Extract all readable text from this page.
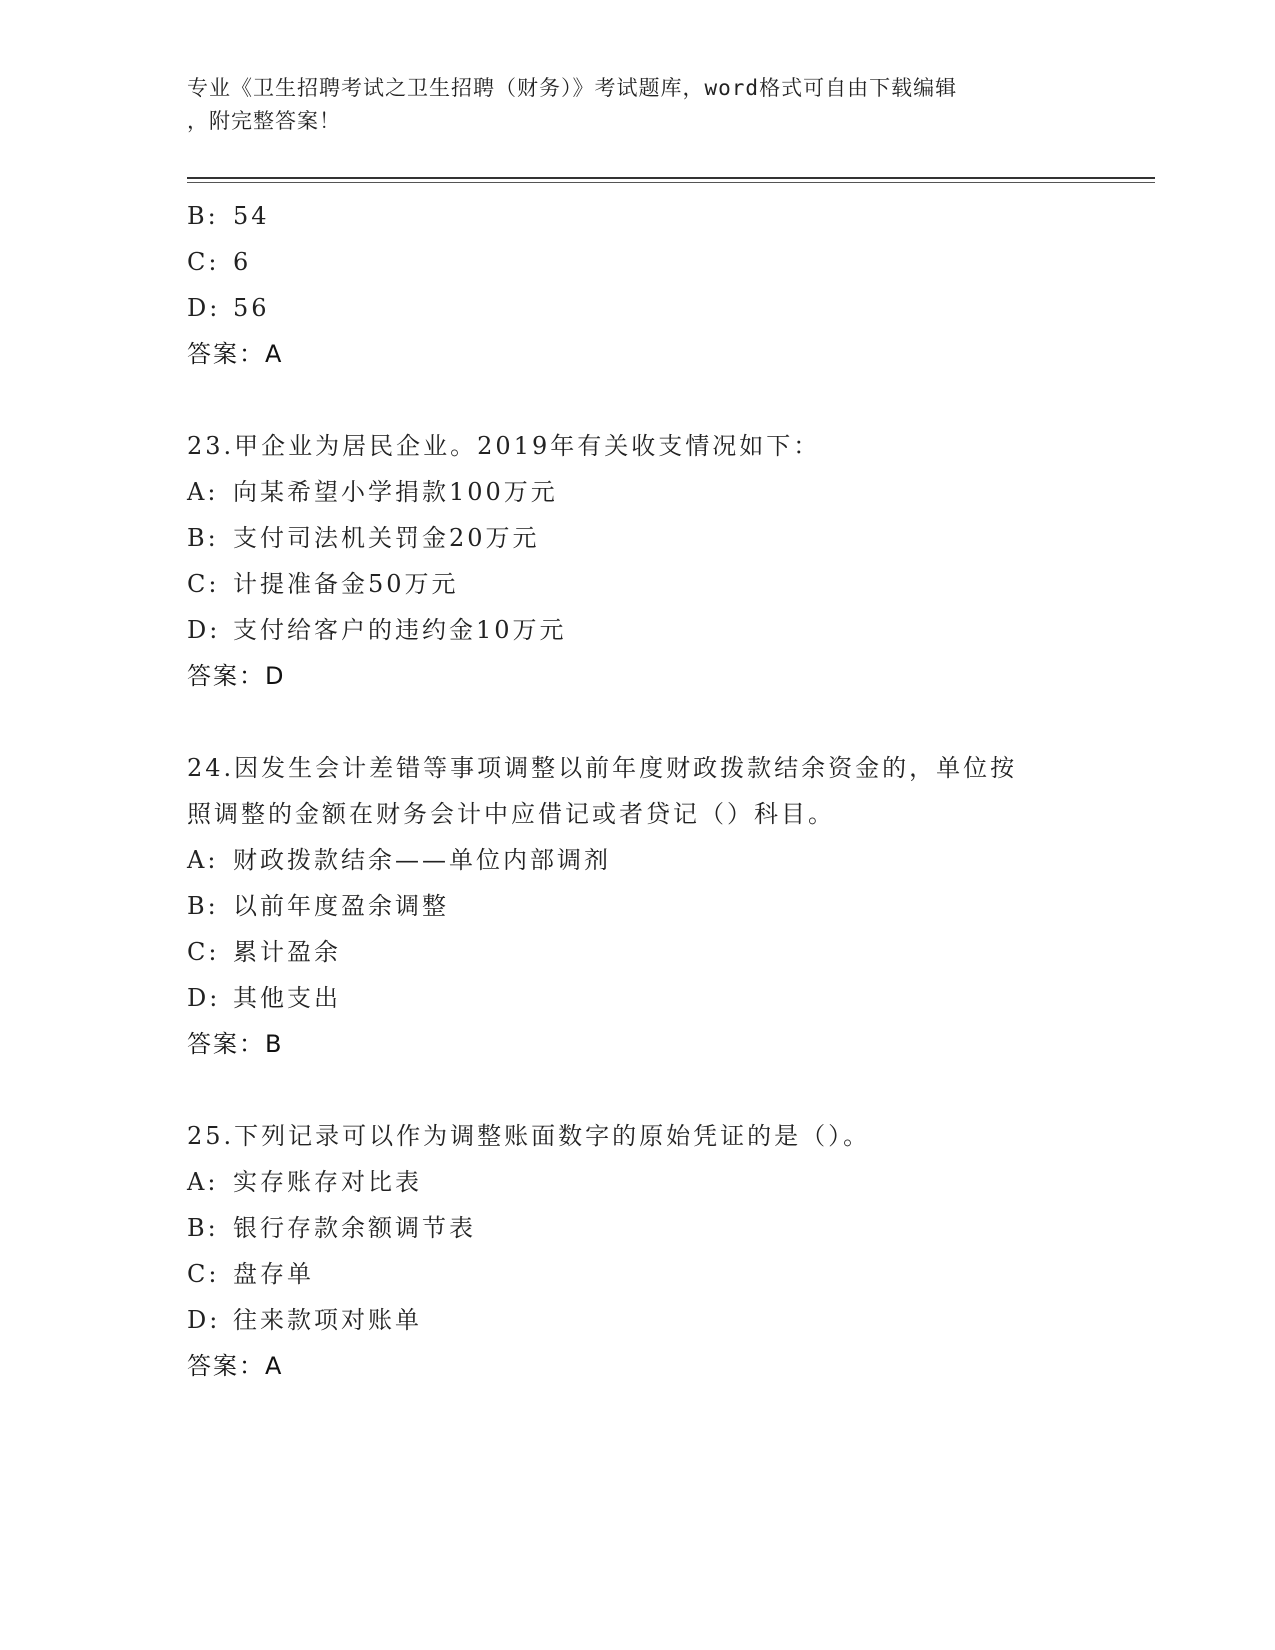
专业《卫生招聘考试之卫生招聘（财务）》考试题库，word格式可自由下载编辑
，附完整答案！
B: 54
C: 6
D: 56
答案：A
23.甲企业为居民企业。2019年有关收支情况如下：
A: 向某希望小学捐款100万元
B: 支付司法机关罚金20万元
C: 计提准备金50万元
D: 支付给客户的违约金10万元
答案：D
24.因发生会计差错等事项调整以前年度财政拨款结余资金的，单位按
照调整的金额在财务会计中应借记或者贷记（）科目。
A: 财政拨款结余——单位内部调剂
B: 以前年度盈余调整
C: 累计盈余
D: 其他支出
答案：B
25.下列记录可以作为调整账面数字的原始凭证的是（）。
A: 实存账存对比表
B: 银行存款余额调节表
C: 盘存单
D: 往来款项对账单
答案：A
